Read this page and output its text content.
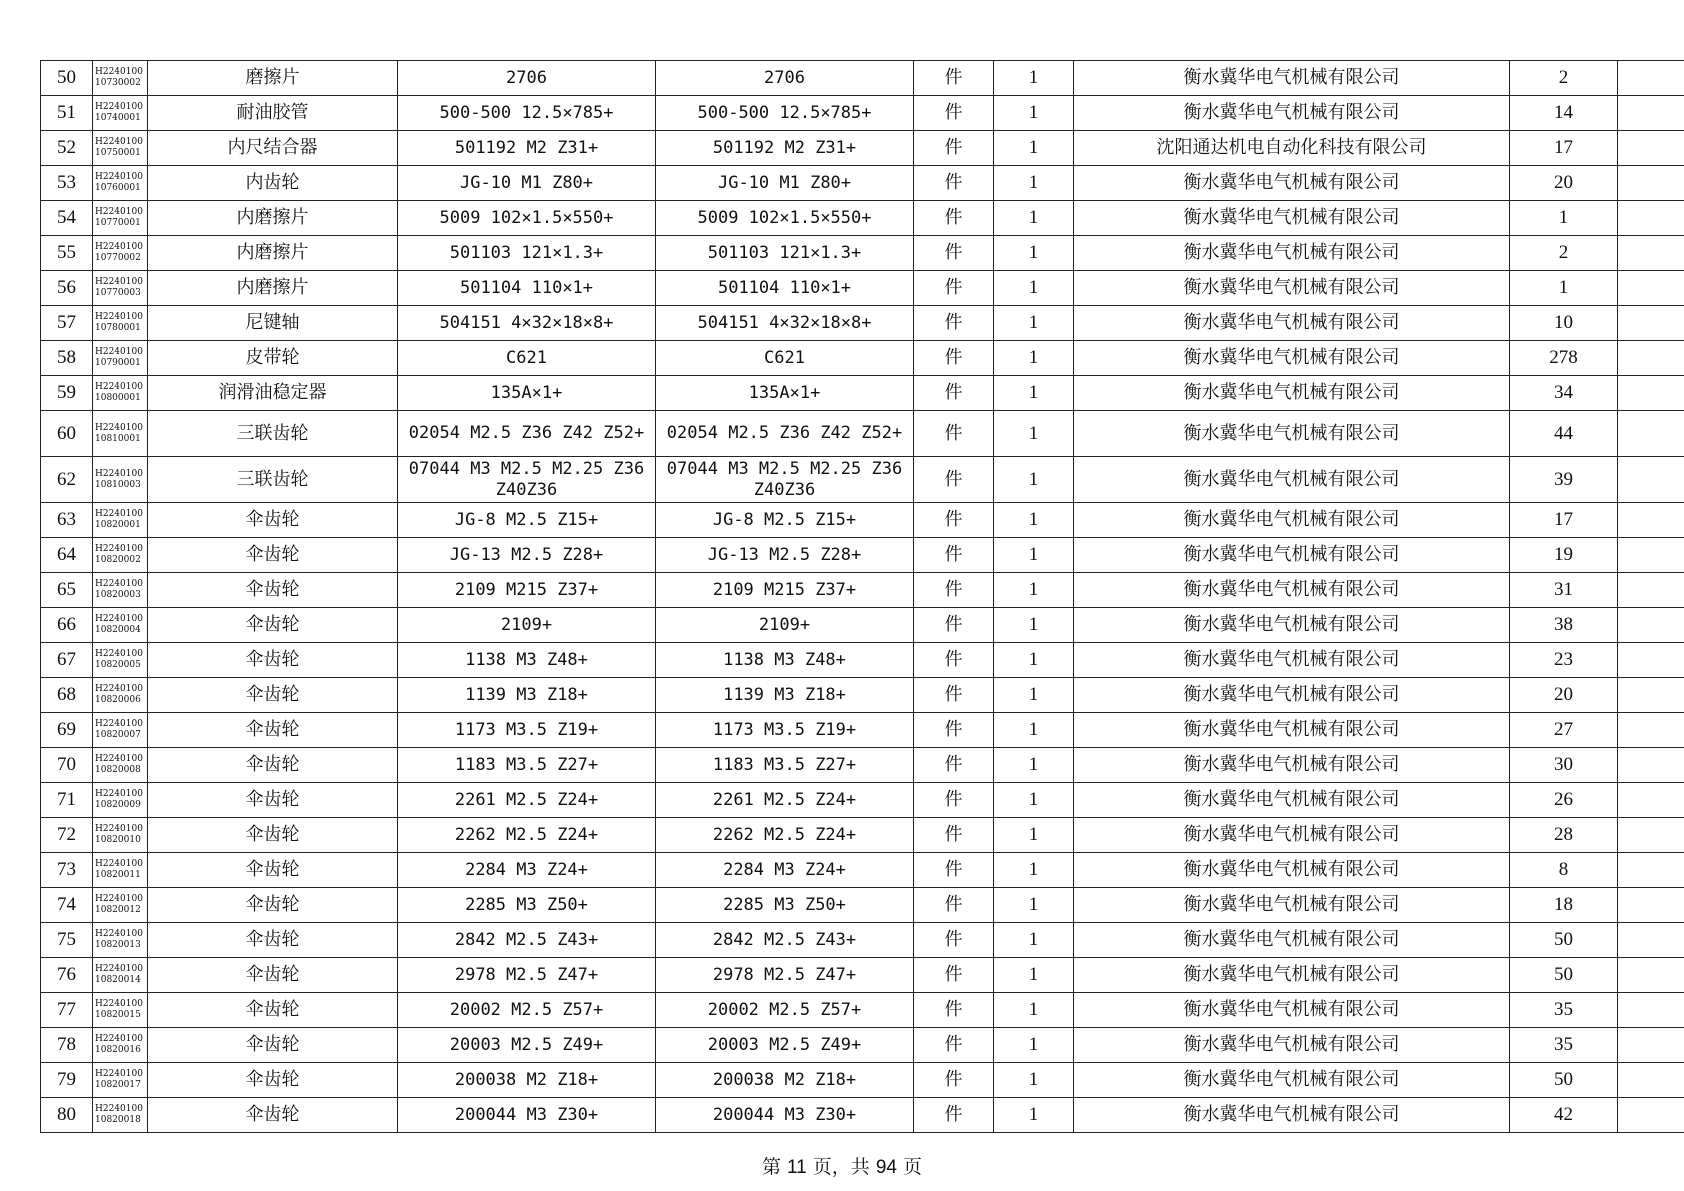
50	H2240100 10730002	磨擦片	2706	2706	件	1	衡水冀华电气机械有限公司	2	
51	H2240100 10740001	耐油胶管	500-500 12.5×785+	500-500 12.5×785+	件	1	衡水冀华电气机械有限公司	14	
52	H2240100 10750001	内尺结合器	501192 M2 Z31+	501192 M2 Z31+	件	1	沈阳通达机电自动化科技有限公司	17	
53	H2240100 10760001	内齿轮	JG-10 M1 Z80+	JG-10 M1 Z80+	件	1	衡水冀华电气机械有限公司	20	
54	H2240100 10770001	内磨擦片	5009 102×1.5×550+	5009 102×1.5×550+	件	1	衡水冀华电气机械有限公司	1	
55	H2240100 10770002	内磨擦片	501103 121×1.3+	501103 121×1.3+	件	1	衡水冀华电气机械有限公司	2	
56	H2240100 10770003	内磨擦片	501104 110×1+	501104 110×1+	件	1	衡水冀华电气机械有限公司	1	
57	H2240100 10780001	尼键轴	504151 4×32×18×8+	504151 4×32×18×8+	件	1	衡水冀华电气机械有限公司	10	
58	H2240100 10790001	皮带轮	C621	C621	件	1	衡水冀华电气机械有限公司	278	
59	H2240100 10800001	润滑油稳定器	135A×1+	135A×1+	件	1	衡水冀华电气机械有限公司	34	
60	H2240100 10810001	三联齿轮	02054 M2.5 Z36 Z42 Z52+	02054 M2.5 Z36 Z42 Z52+	件	1	衡水冀华电气机械有限公司	44	
62	H2240100 10810003	三联齿轮	07044 M3 M2.5 M2.25 Z36 Z40Z36	07044 M3 M2.5 M2.25 Z36 Z40Z36	件	1	衡水冀华电气机械有限公司	39	
63	H2240100 10820001	伞齿轮	JG-8 M2.5 Z15+	JG-8 M2.5 Z15+	件	1	衡水冀华电气机械有限公司	17	
64	H2240100 10820002	伞齿轮	JG-13 M2.5 Z28+	JG-13 M2.5 Z28+	件	1	衡水冀华电气机械有限公司	19	
65	H2240100 10820003	伞齿轮	2109 M215 Z37+	2109 M215 Z37+	件	1	衡水冀华电气机械有限公司	31	
66	H2240100 10820004	伞齿轮	2109+	2109+	件	1	衡水冀华电气机械有限公司	38	
67	H2240100 10820005	伞齿轮	1138 M3 Z48+	1138 M3 Z48+	件	1	衡水冀华电气机械有限公司	23	
68	H2240100 10820006	伞齿轮	1139 M3 Z18+	1139 M3 Z18+	件	1	衡水冀华电气机械有限公司	20	
69	H2240100 10820007	伞齿轮	1173 M3.5 Z19+	1173 M3.5 Z19+	件	1	衡水冀华电气机械有限公司	27	
70	H2240100 10820008	伞齿轮	1183 M3.5 Z27+	1183 M3.5 Z27+	件	1	衡水冀华电气机械有限公司	30	
71	H2240100 10820009	伞齿轮	2261 M2.5 Z24+	2261 M2.5 Z24+	件	1	衡水冀华电气机械有限公司	26	
72	H2240100 10820010	伞齿轮	2262 M2.5 Z24+	2262 M2.5 Z24+	件	1	衡水冀华电气机械有限公司	28	
73	H2240100 10820011	伞齿轮	2284 M3 Z24+	2284 M3 Z24+	件	1	衡水冀华电气机械有限公司	8	
74	H2240100 10820012	伞齿轮	2285 M3 Z50+	2285 M3 Z50+	件	1	衡水冀华电气机械有限公司	18	
75	H2240100 10820013	伞齿轮	2842 M2.5 Z43+	2842 M2.5 Z43+	件	1	衡水冀华电气机械有限公司	50	
76	H2240100 10820014	伞齿轮	2978 M2.5 Z47+	2978 M2.5 Z47+	件	1	衡水冀华电气机械有限公司	50	
77	H2240100 10820015	伞齿轮	20002 M2.5 Z57+	20002 M2.5 Z57+	件	1	衡水冀华电气机械有限公司	35	
78	H2240100 10820016	伞齿轮	20003 M2.5 Z49+	20003 M2.5 Z49+	件	1	衡水冀华电气机械有限公司	35	
79	H2240100 10820017	伞齿轮	200038 M2 Z18+	200038 M2 Z18+	件	1	衡水冀华电气机械有限公司	50	
80	H2240100 10820018	伞齿轮	200044 M3 Z30+	200044 M3 Z30+	件	1	衡水冀华电气机械有限公司	42	
第 11 页，共 94 页
